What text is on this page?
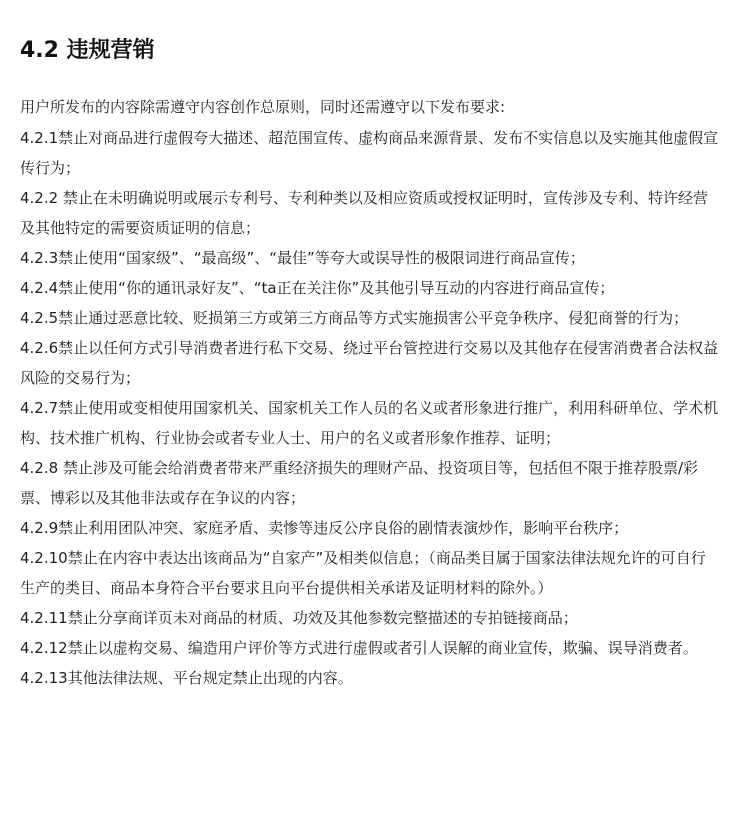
4.2 违规营销

用户所发布的内容除需遵守内容创作总原则，同时还需遵守以下发布要求:

4.2.1禁止对商品进行虚假夸大描述、超范围宣传、虚构商品来源背景、发布不实信息以及实施其他虚假宣传行为；

4.2.2 禁止在未明确说明或展示专利号、专利种类以及相应资质或授权证明时，宣传涉及专利、特许经营及其他特定的需要资质证明的信息；

4.2.3禁止使用“国家级”、“最高级”、“最佳”等夸大或误导性的极限词进行商品宣传；

4.2.4禁止使用“你的通讯录好友”、“ta正在关注你”及其他引导互动的内容进行商品宣传；

4.2.5禁止通过恶意比较、贬损第三方或第三方商品等方式实施损害公平竞争秩序、侵犯商誉的行为；

4.2.6禁止以任何方式引导消费者进行私下交易、绕过平台管控进行交易以及其他存在侵害消费者合法权益风险的交易行为；

4.2.7禁止使用或变相使用国家机关、国家机关工作人员的名义或者形象进行推广，利用科研单位、学术机构、技术推广机构、行业协会或者专业人士、用户的名义或者形象作推荐、证明；

4.2.8 禁止涉及可能会给消费者带来严重经济损失的理财产品、投资项目等，包括但不限于推荐股票/彩票、博彩以及其他非法或存在争议的内容；

4.2.9禁止利用团队冲突、家庭矛盾、卖惨等违反公序良俗的剧情表演炒作，影响平台秩序；

4.2.10禁止在内容中表达出该商品为“自家产”及相类似信息；（商品类目属于国家法律法规允许的可自行生产的类目、商品本身符合平台要求且向平台提供相关承诺及证明材料的除外。）

4.2.11禁止分享商详页未对商品的材质、功效及其他参数完整描述的专拍链接商品；

4.2.12禁止以虚构交易、编造用户评价等方式进行虚假或者引人误解的商业宣传，欺骗、误导消费者。

4.2.13其他法律法规、平台规定禁止出现的内容。
